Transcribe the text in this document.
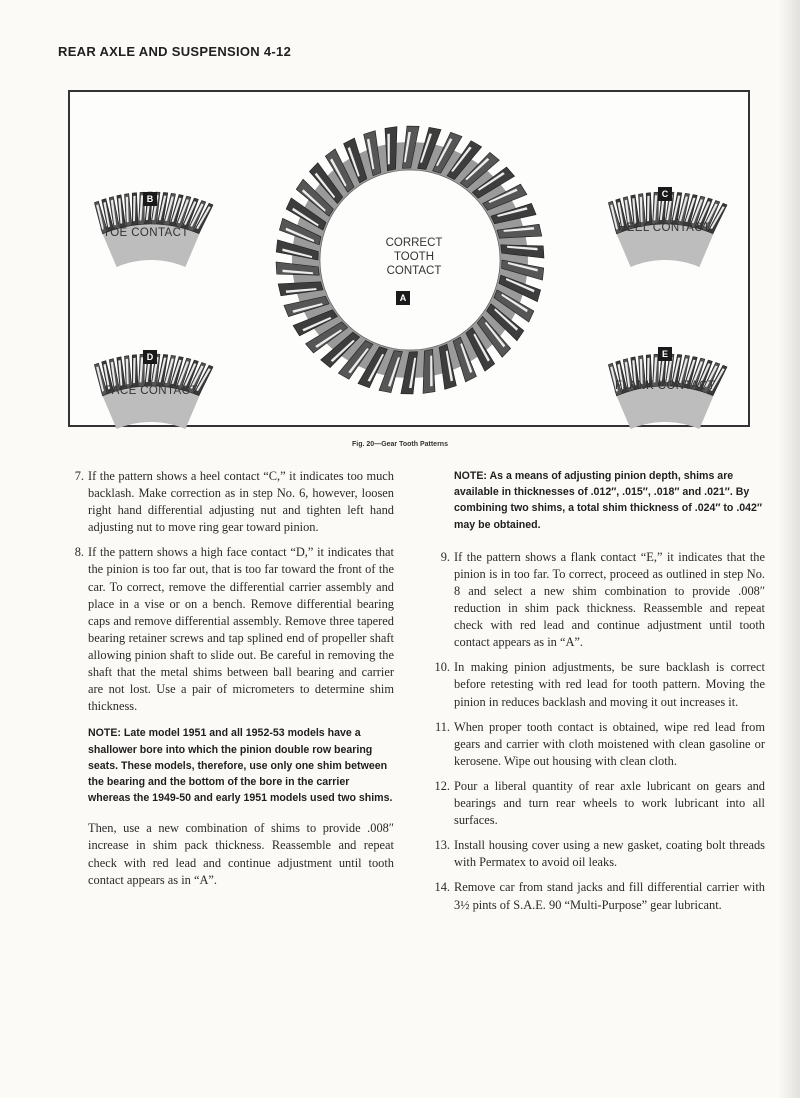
REAR AXLE AND SUSPENSION 4-12
B
TOE CONTACT
C
HEEL CONTACT
D
FACE CONTACT
E
FLANK CONTACT
CORRECT
TOOTH
CONTACT
A
Fig. 20—Gear Tooth Patterns
7. If the pattern shows a heel contact “C,” it indicates too much backlash. Make correction as in step No. 6, however, loosen right hand differential adjusting nut and tighten left hand adjusting nut to move ring gear toward pinion.
8. If the pattern shows a high face contact “D,” it indicates that the pinion is too far out, that is too far toward the front of the car. To correct, remove the differential carrier assembly and place in a vise or on a bench. Remove differential bearing caps and remove differential assembly. Remove three tapered bearing retainer screws and tap splined end of propeller shaft allowing pinion shaft to slide out. Be careful in removing the shaft that the metal shims between ball bearing and carrier are not lost. Use a pair of micrometers to determine shim thickness.
NOTE: Late model 1951 and all 1952-53 models have a shallower bore into which the pinion double row bearing seats. These models, therefore, use only one shim between the bearing and the bottom of the bore in the carrier whereas the 1949-50 and early 1951 models used two shims.
Then, use a new combination of shims to provide .008″ increase in shim pack thickness. Reassemble and repeat check with red lead and continue adjustment until tooth contact appears as in “A”.
NOTE: As a means of adjusting pinion depth, shims are available in thicknesses of .012″, .015″, .018″ and .021″. By combining two shims, a total shim thickness of .024″ to .042″ may be obtained.
9. If the pattern shows a flank contact “E,” it indicates that the pinion is in too far. To correct, proceed as outlined in step No. 8 and select a new shim combination to provide .008″ reduction in shim pack thickness. Reassemble and repeat check with red lead and continue adjustment until tooth contact appears as in “A”.
10. In making pinion adjustments, be sure backlash is correct before retesting with red lead for tooth pattern. Moving the pinion in reduces backlash and moving it out increases it.
11. When proper tooth contact is obtained, wipe red lead from gears and carrier with cloth moistened with clean gasoline or kerosene. Wipe out housing with clean cloth.
12. Pour a liberal quantity of rear axle lubricant on gears and bearings and turn rear wheels to work lubricant into all surfaces.
13. Install housing cover using a new gasket, coating bolt threads with Permatex to avoid oil leaks.
14. Remove car from stand jacks and fill differential carrier with 3½ pints of S.A.E. 90 “Multi-Purpose” gear lubricant.
